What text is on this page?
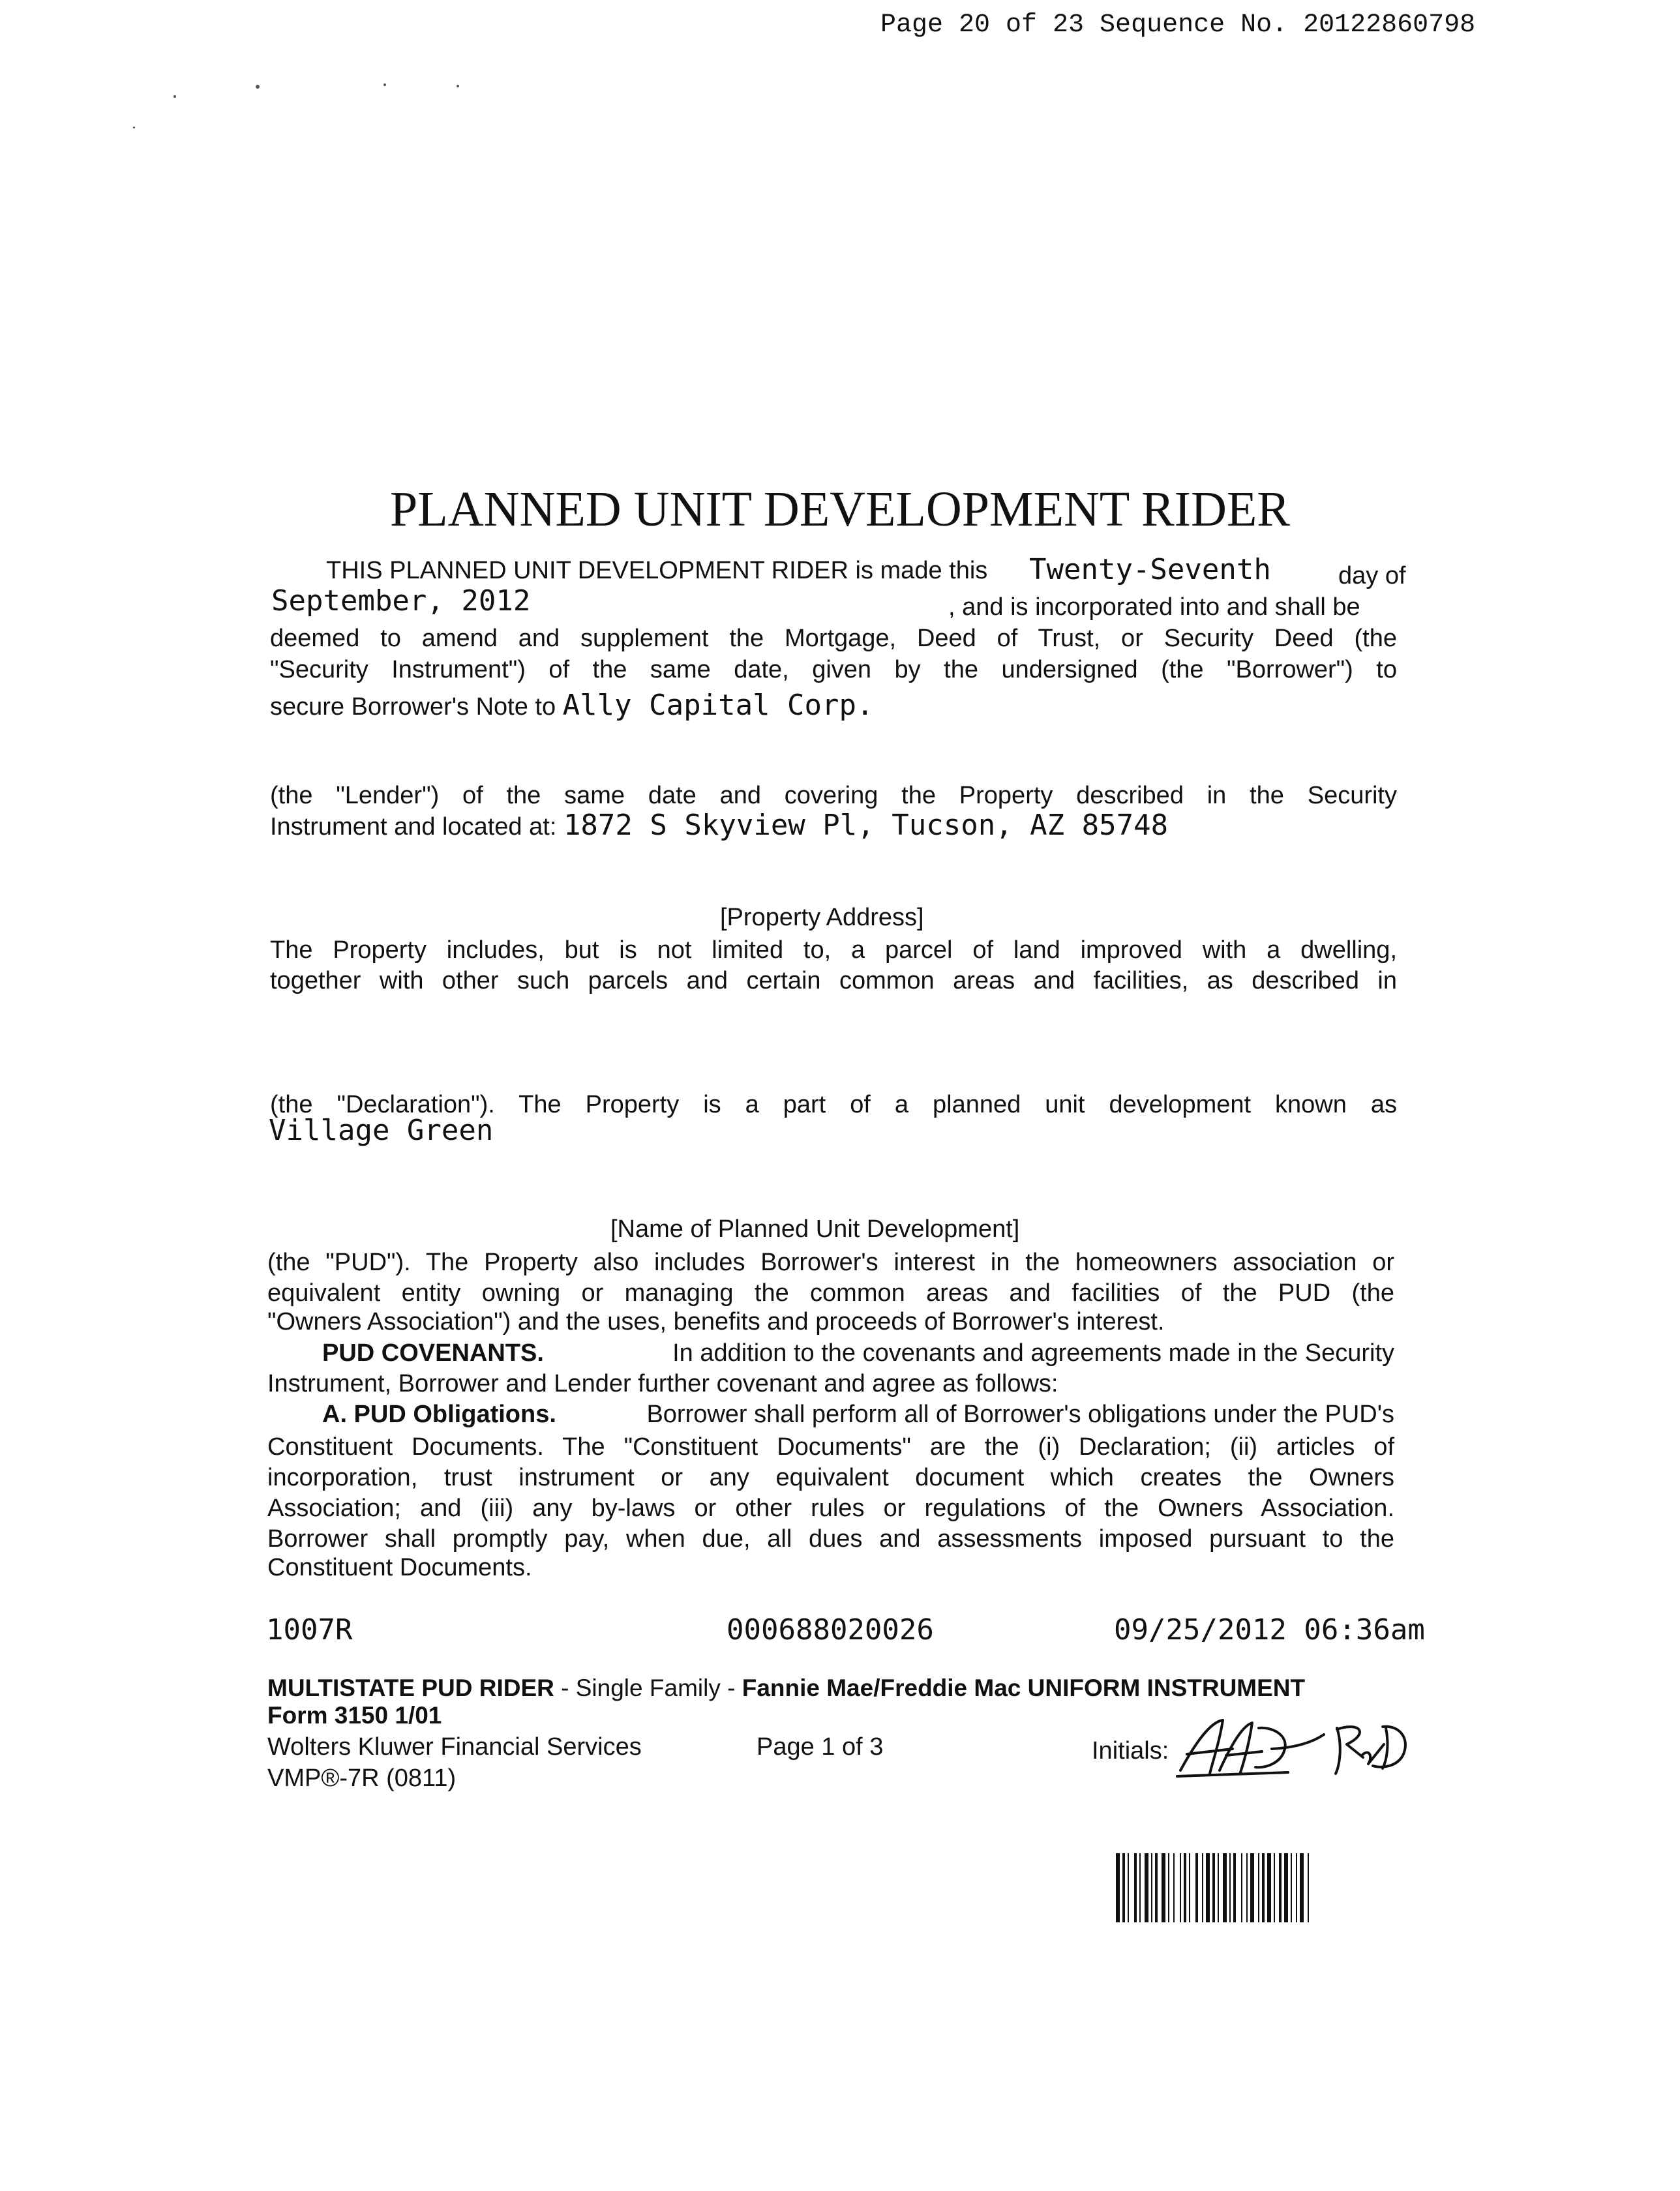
Page 20 of 23 Sequence No. 20122860798
PLANNED UNIT DEVELOPMENT RIDER
THIS PLANNED UNIT DEVELOPMENT RIDER is made this Twenty-Seventh	day of
September, 2012	, and is incorporated into and shall be
deemed to amend and supplement the Mortgage, Deed of Trust, or Security Deed (the
"Security Instrument") of the same date, given by the undersigned (the "Borrower") to
secure Borrower's Note to Ally Capital Corp.
(the "Lender") of the same date and covering the Property described in the Security
Instrument and located at: 1872 S Skyview Pl, Tucson, AZ 85748
[Property Address]
The Property includes, but is not limited to, a parcel of land improved with a dwelling,
together with other such parcels and certain common areas and facilities, as described in
(the "Declaration"). The Property is a part of a planned unit development known as
Village Green
[Name of Planned Unit Development]
(the "PUD"). The Property also includes Borrower's interest in the homeowners association or
equivalent entity owning or managing the common areas and facilities of the PUD (the
"Owners Association") and the uses, benefits and proceeds of Borrower's interest.
PUD COVENANTS.	In addition to the covenants and agreements made in the Security
Instrument, Borrower and Lender further covenant and agree as follows:
A. PUD Obligations.	Borrower shall perform all of Borrower's obligations under the PUD's
Constituent Documents. The "Constituent Documents" are the (i) Declaration; (ii) articles of
incorporation, trust instrument or any equivalent document which creates the Owners
Association; and (iii) any by-laws or other rules or regulations of the Owners Association.
Borrower shall promptly pay, when due, all dues and assessments imposed pursuant to the
Constituent Documents.
1007R	000688020026	09/25/2012 06:36am
MULTISTATE PUD RIDER - Single Family - Fannie Mae/Freddie Mac UNIFORM INSTRUMENT
Form 3150 1/01
Wolters Kluwer Financial Services	Page 1 of 3	Initials:
VMP®-7R (0811)
